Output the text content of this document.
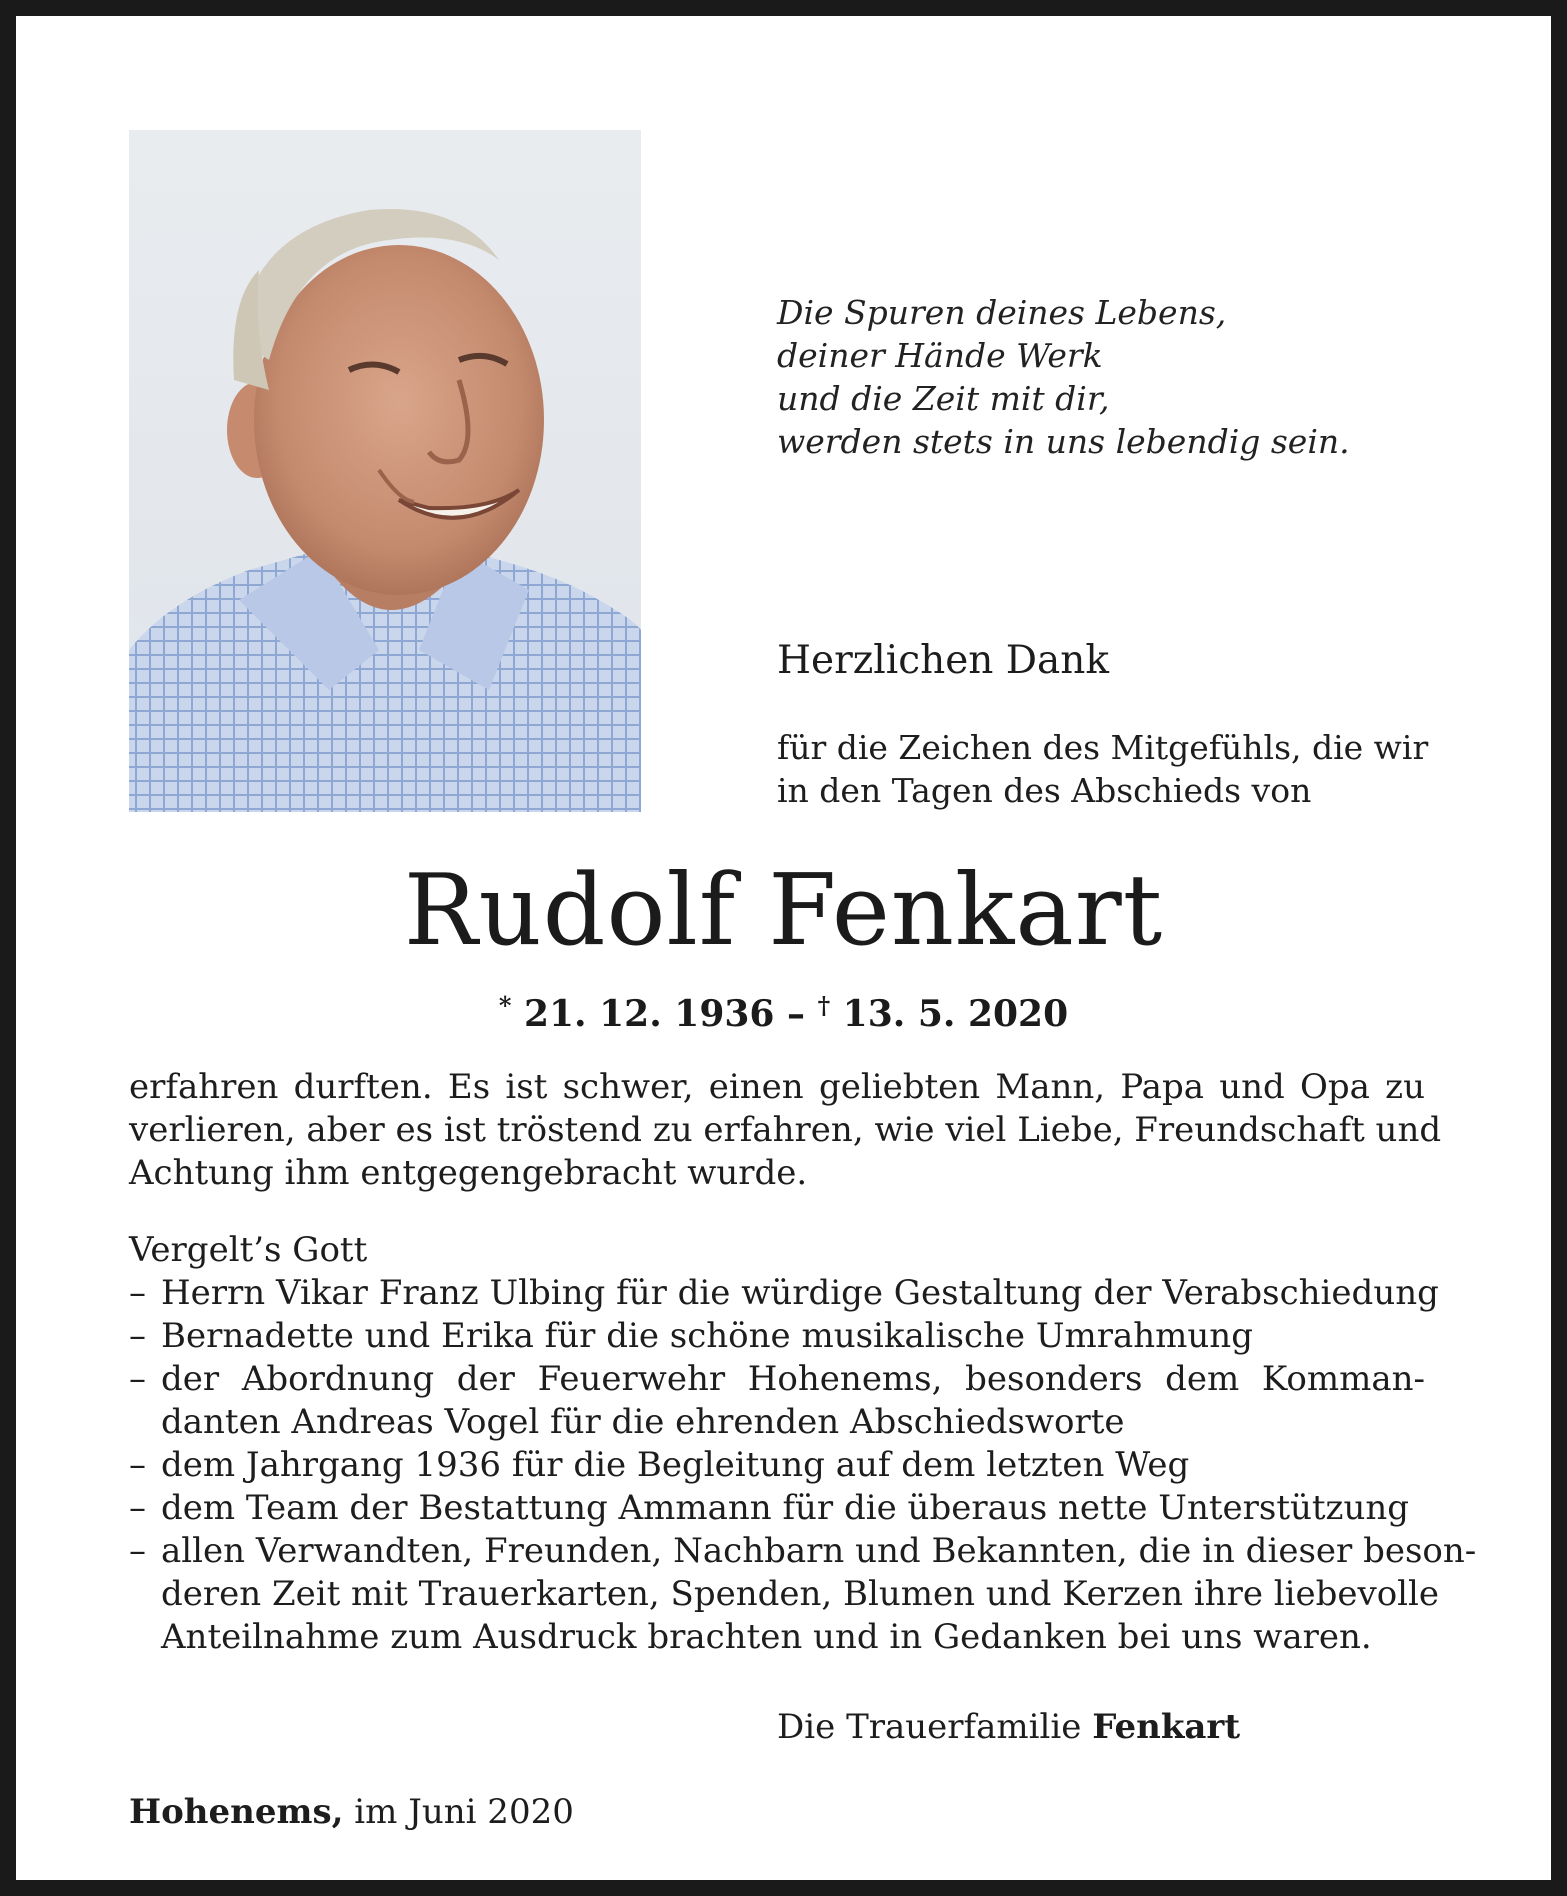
Die Spuren deines Lebens,
deiner Hände Werk
und die Zeit mit dir,
werden stets in uns lebendig sein.
Herzlichen Dank
für die Zeichen des Mitgefühls, die wir
in den Tagen des Abschieds von
Rudolf Fenkart
* 21. 12. 1936 – † 13. 5. 2020
erfahren durften. Es ist schwer, einen geliebten Mann, Papa und Opa zu
verlieren, aber es ist tröstend zu erfahren, wie viel Liebe, Freundschaft und
Achtung ihm entgegengebracht wurde.
Vergelt’s Gott
– Herrn Vikar Franz Ulbing für die würdige Gestaltung der Verabschiedung
– Bernadette und Erika für die schöne musikalische Umrahmung
– der Abordnung der Feuerwehr Hohenems, besonders dem Komman-
danten Andreas Vogel für die ehrenden Abschiedsworte
– dem Jahrgang 1936 für die Begleitung auf dem letzten Weg
– dem Team der Bestattung Ammann für die überaus nette Unterstützung
– allen Verwandten, Freunden, Nachbarn und Bekannten, die in dieser beson-
deren Zeit mit Trauerkarten, Spenden, Blumen und Kerzen ihre liebevolle
Anteilnahme zum Ausdruck brachten und in Gedanken bei uns waren.
Die Trauerfamilie Fenkart
Hohenems, im Juni 2020
